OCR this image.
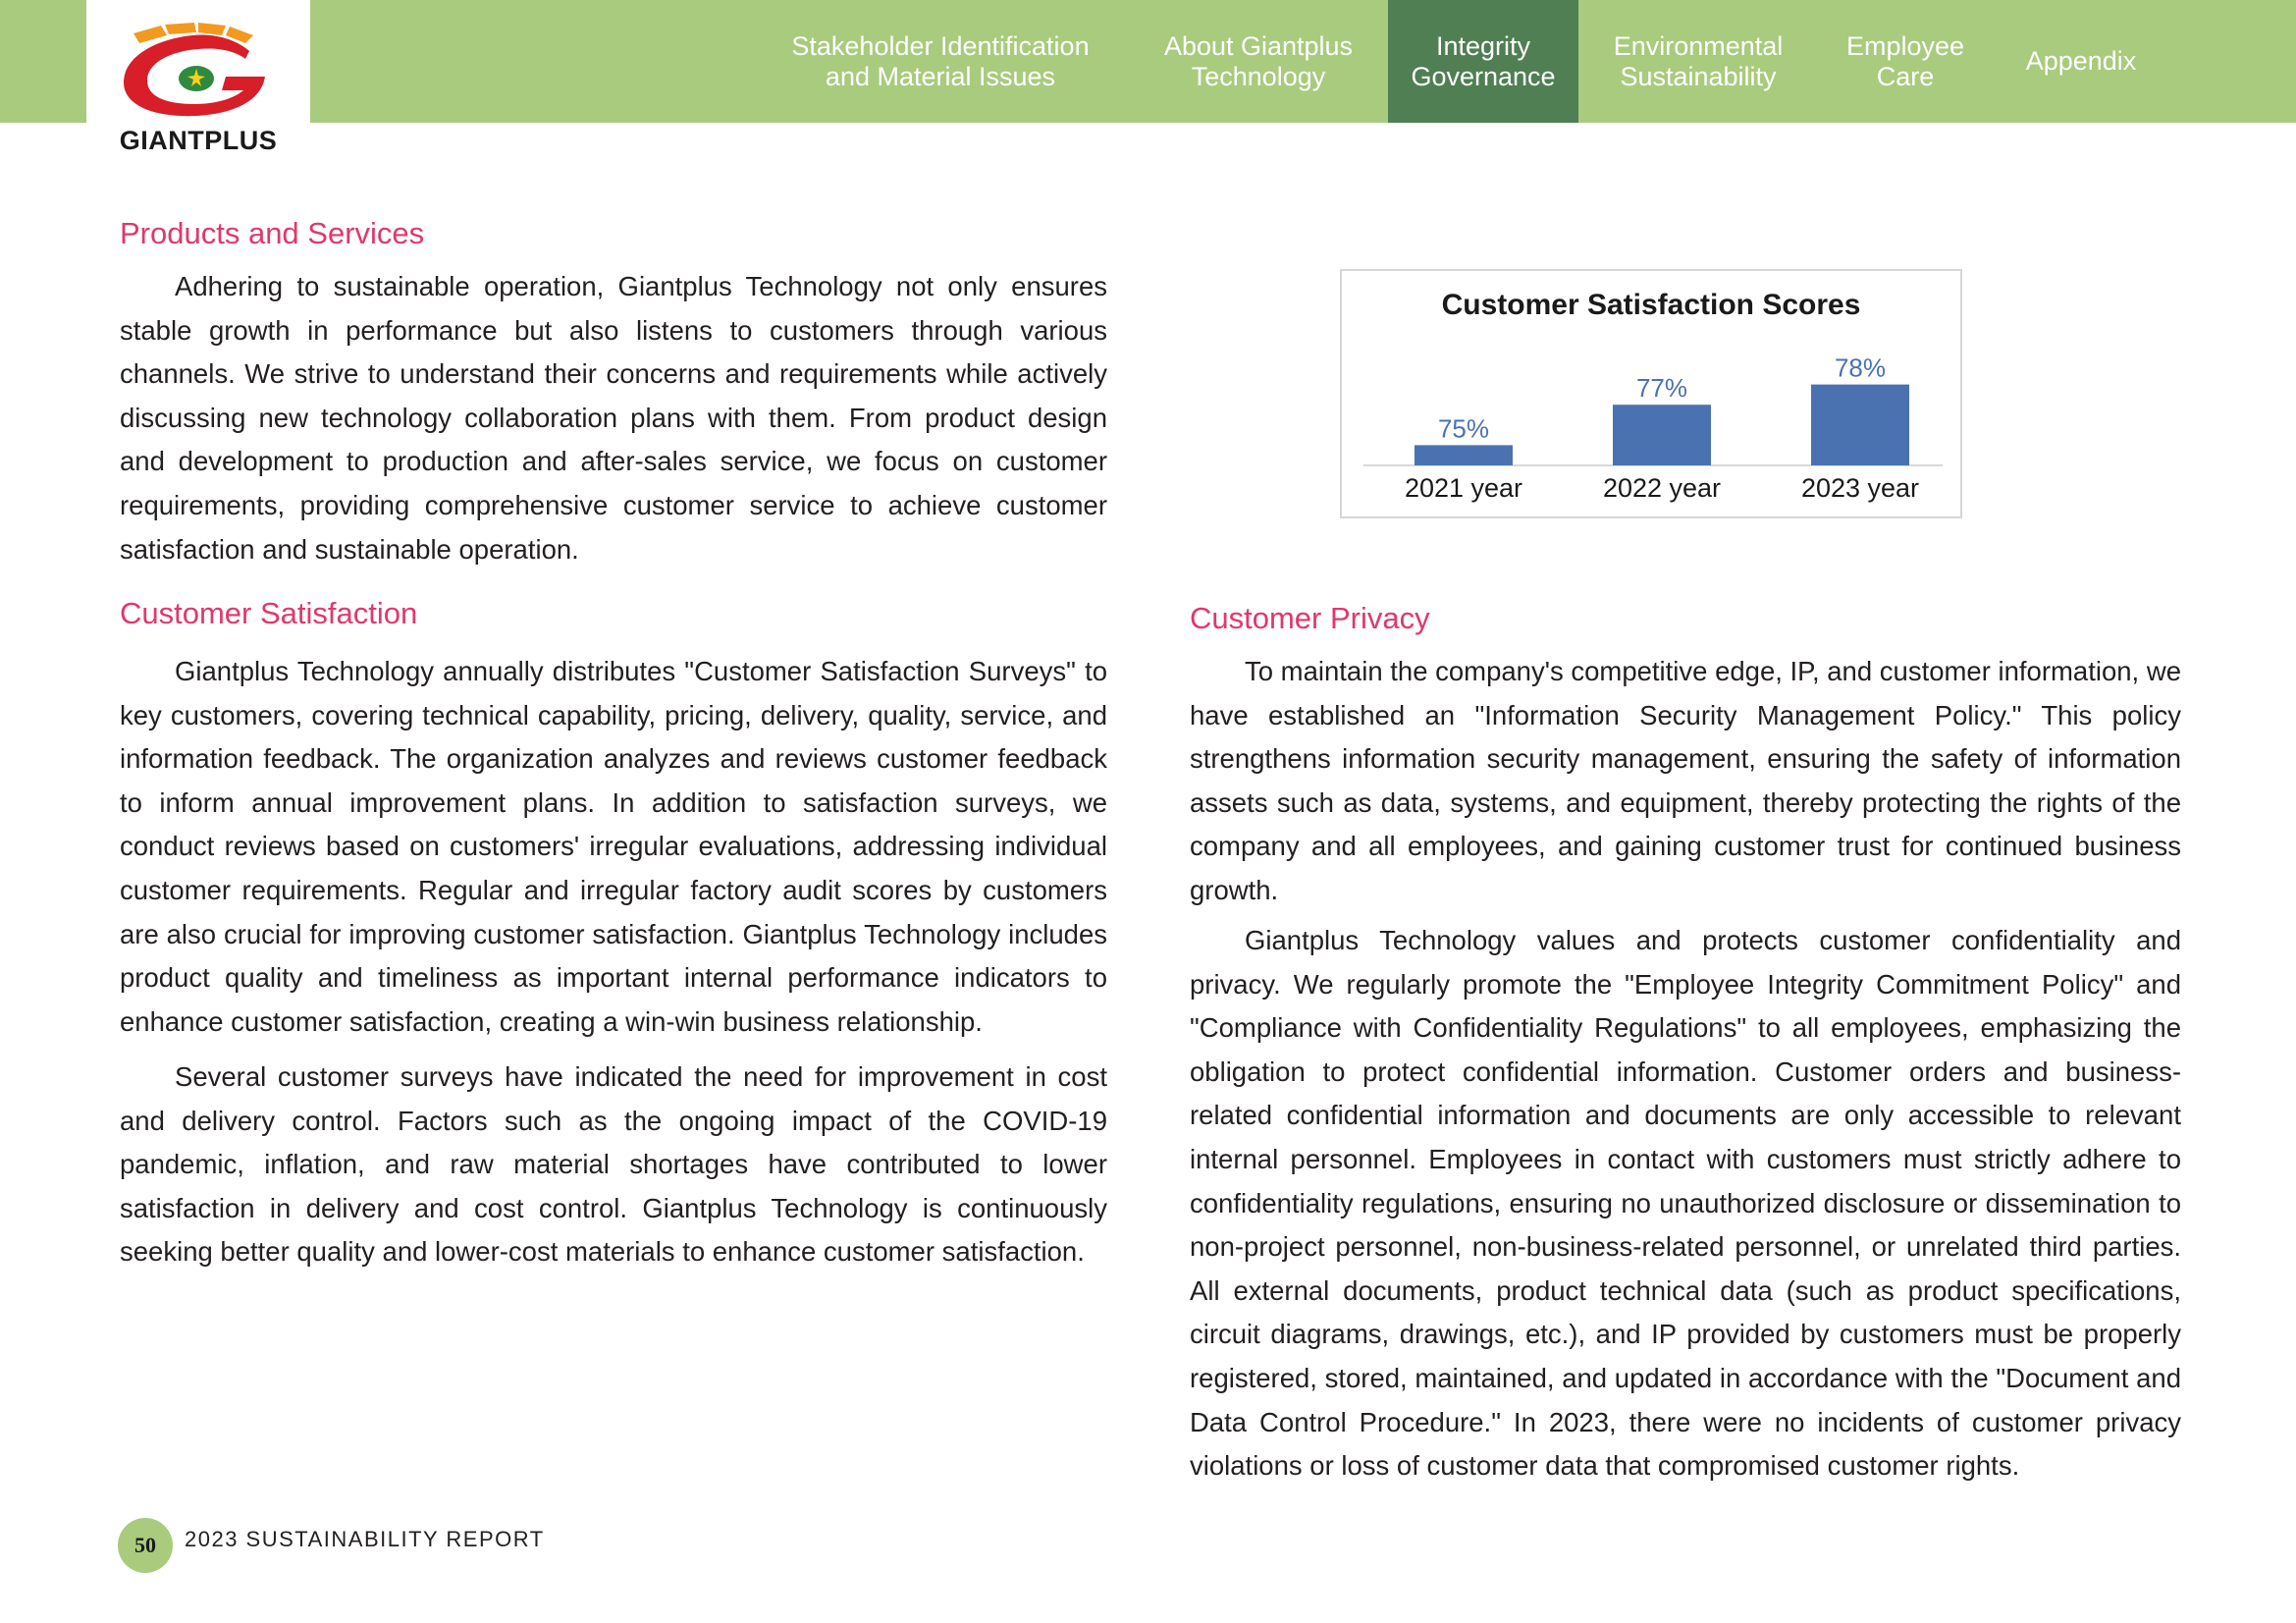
GIANTPLUS
Stakeholder Identification
and Material Issues
About Giantplus
Technology
Integrity
Governance
Environmental
Sustainability
Employee
Care
Appendix
Products and Services
Adhering to sustainable operation, Giantplus Technology not only ensures stable growth in performance but also listens to customers through various channels. We strive to understand their concerns and requirements while actively discussing new technology collaboration plans with them. From product design and development to production and after-sales service, we focus on customer requirements, providing comprehensive customer service to achieve customer satisfaction and sustainable operation.
Customer Satisfaction
Giantplus Technology annually distributes "Customer Satisfaction Surveys" to key customers, covering technical capability, pricing, delivery, quality, service, and information feedback. The organization analyzes and reviews customer feedback to inform annual improvement plans. In addition to satisfaction surveys, we conduct reviews based on customers' irregular evaluations, addressing individual customer requirements. Regular and irregular factory audit scores by customers are also crucial for improving customer satisfaction. Giantplus Technology includes product quality and timeliness as important internal performance indicators to enhance customer satisfaction, creating a win-win business relationship.
Several customer surveys have indicated the need for improvement in cost and delivery control. Factors such as the ongoing impact of the COVID-19 pandemic, inflation, and raw material shortages have contributed to lower satisfaction in delivery and cost control. Giantplus Technology is continuously seeking better quality and lower-cost materials to enhance customer satisfaction.
Customer Satisfaction Scores
75%
2021 year
77%
2022 year
78%
2023 year
Customer Privacy
To maintain the company's competitive edge, IP, and customer information, we have established an "Information Security Management Policy." This policy strengthens information security management, ensuring the safety of information assets such as data, systems, and equipment, thereby protecting the rights of the company and all employees, and gaining customer trust for continued business growth.
Giantplus Technology values and protects customer confidentiality and privacy. We regularly promote the "Employee Integrity Commitment Policy" and "Compliance with Confidentiality Regulations" to all employees, emphasizing the obligation to protect confidential information. Customer orders and business-related confidential information and documents are only accessible to relevant internal personnel. Employees in contact with customers must strictly adhere to confidentiality regulations, ensuring no unauthorized disclosure or dissemination to non-project personnel, non-business-related personnel, or unrelated third parties. All external documents, product technical data (such as product specifications, circuit diagrams, drawings, etc.), and IP provided by customers must be properly registered, stored, maintained, and updated in accordance with the "Document and Data Control Procedure." In 2023, there were no incidents of customer privacy violations or loss of customer data that compromised customer rights.
50	2023 SUSTAINABILITY REPORT
